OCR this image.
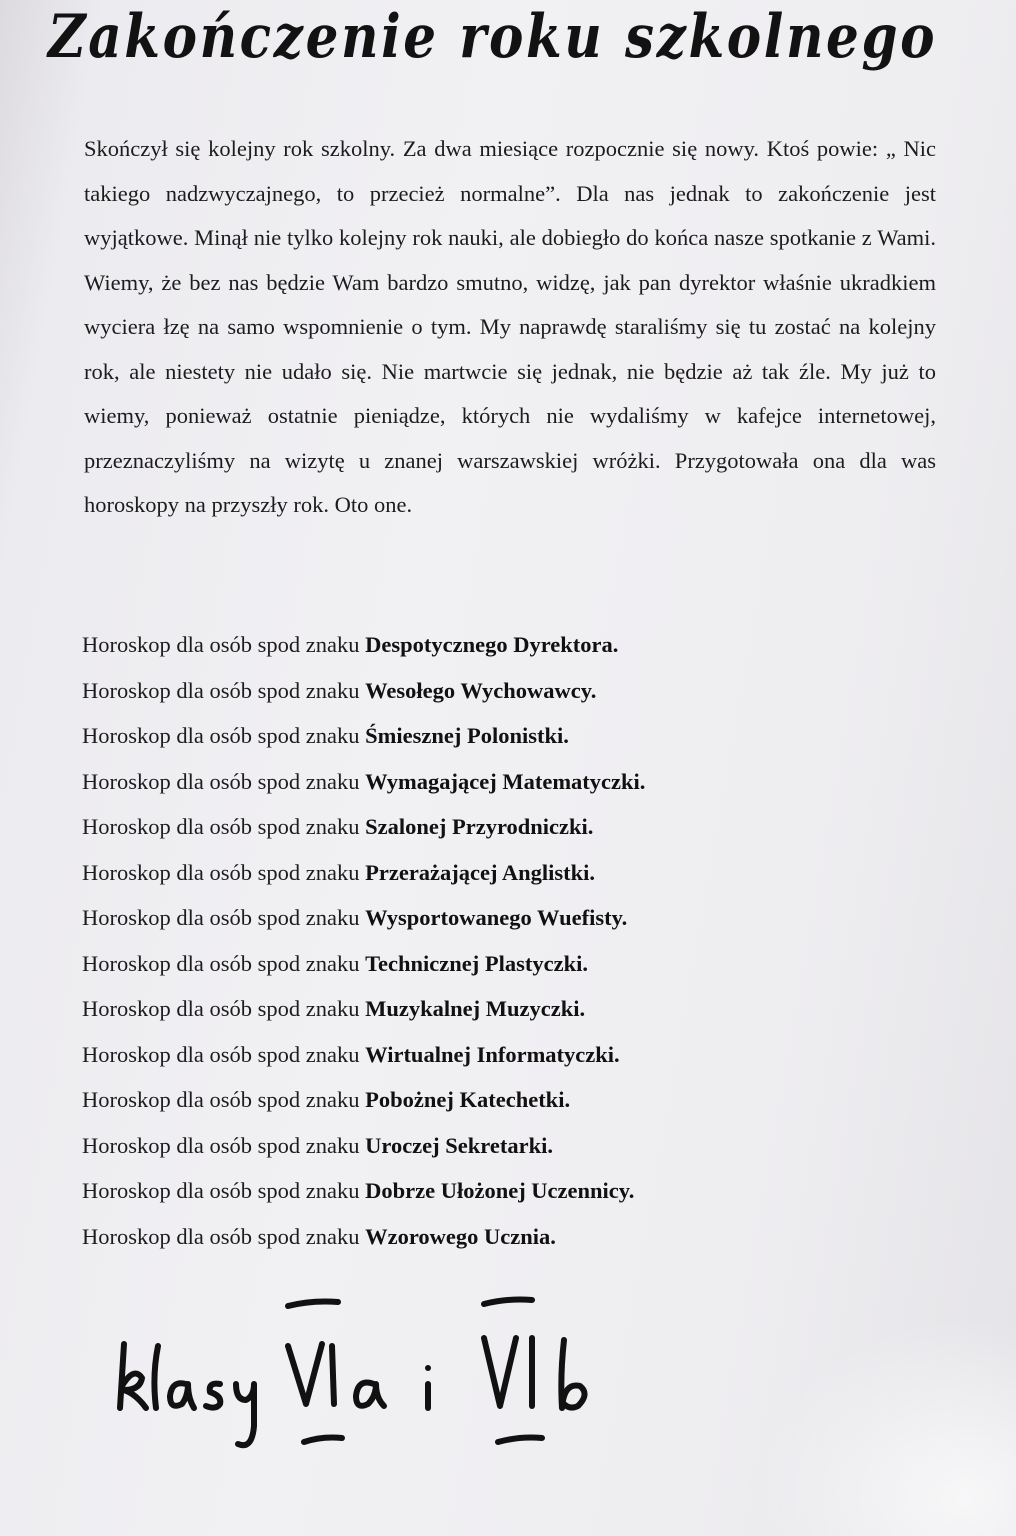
Zakończenie roku szkolnego

Skończył się kolejny rok szkolny. Za dwa miesiące rozpocznie się nowy. Ktoś powie: „ Nic takiego nadzwyczajnego, to przecież normalne”. Dla nas jednak to zakończenie jest wyjątkowe. Minął nie tylko kolejny rok nauki, ale dobiegło do końca nasze spotkanie z Wami. Wiemy, że bez nas będzie Wam bardzo smutno, widzę, jak pan dyrektor właśnie ukradkiem wyciera łzę na samo wspomnienie o tym. My naprawdę staraliśmy się tu zostać na kolejny rok, ale niestety nie udało się. Nie martwcie się jednak, nie będzie aż tak źle. My już to wiemy, ponieważ ostatnie pieniądze, których nie wydaliśmy w kafejce internetowej, przeznaczyliśmy na wizytę u znanej warszawskiej wróżki. Przygotowała ona dla was horoskopy na przyszły rok. Oto one.

Horoskop dla osób spod znaku Despotycznego Dyrektora.
Horoskop dla osób spod znaku Wesołego Wychowawcy.
Horoskop dla osób spod znaku Śmiesznej Polonistki.
Horoskop dla osób spod znaku Wymagającej Matematyczki.
Horoskop dla osób spod znaku Szalonej Przyrodniczki.
Horoskop dla osób spod znaku Przerażającej Anglistki.
Horoskop dla osób spod znaku Wysportowanego Wuefisty.
Horoskop dla osób spod znaku Technicznej Plastyczki.
Horoskop dla osób spod znaku Muzykalnej Muzyczki.
Horoskop dla osób spod znaku Wirtualnej Informatyczki.
Horoskop dla osób spod znaku Pobożnej Katechetki.
Horoskop dla osób spod znaku Uroczej Sekretarki.
Horoskop dla osób spod znaku Dobrze Ułożonej Uczennicy.
Horoskop dla osób spod znaku Wzorowego Ucznia.
